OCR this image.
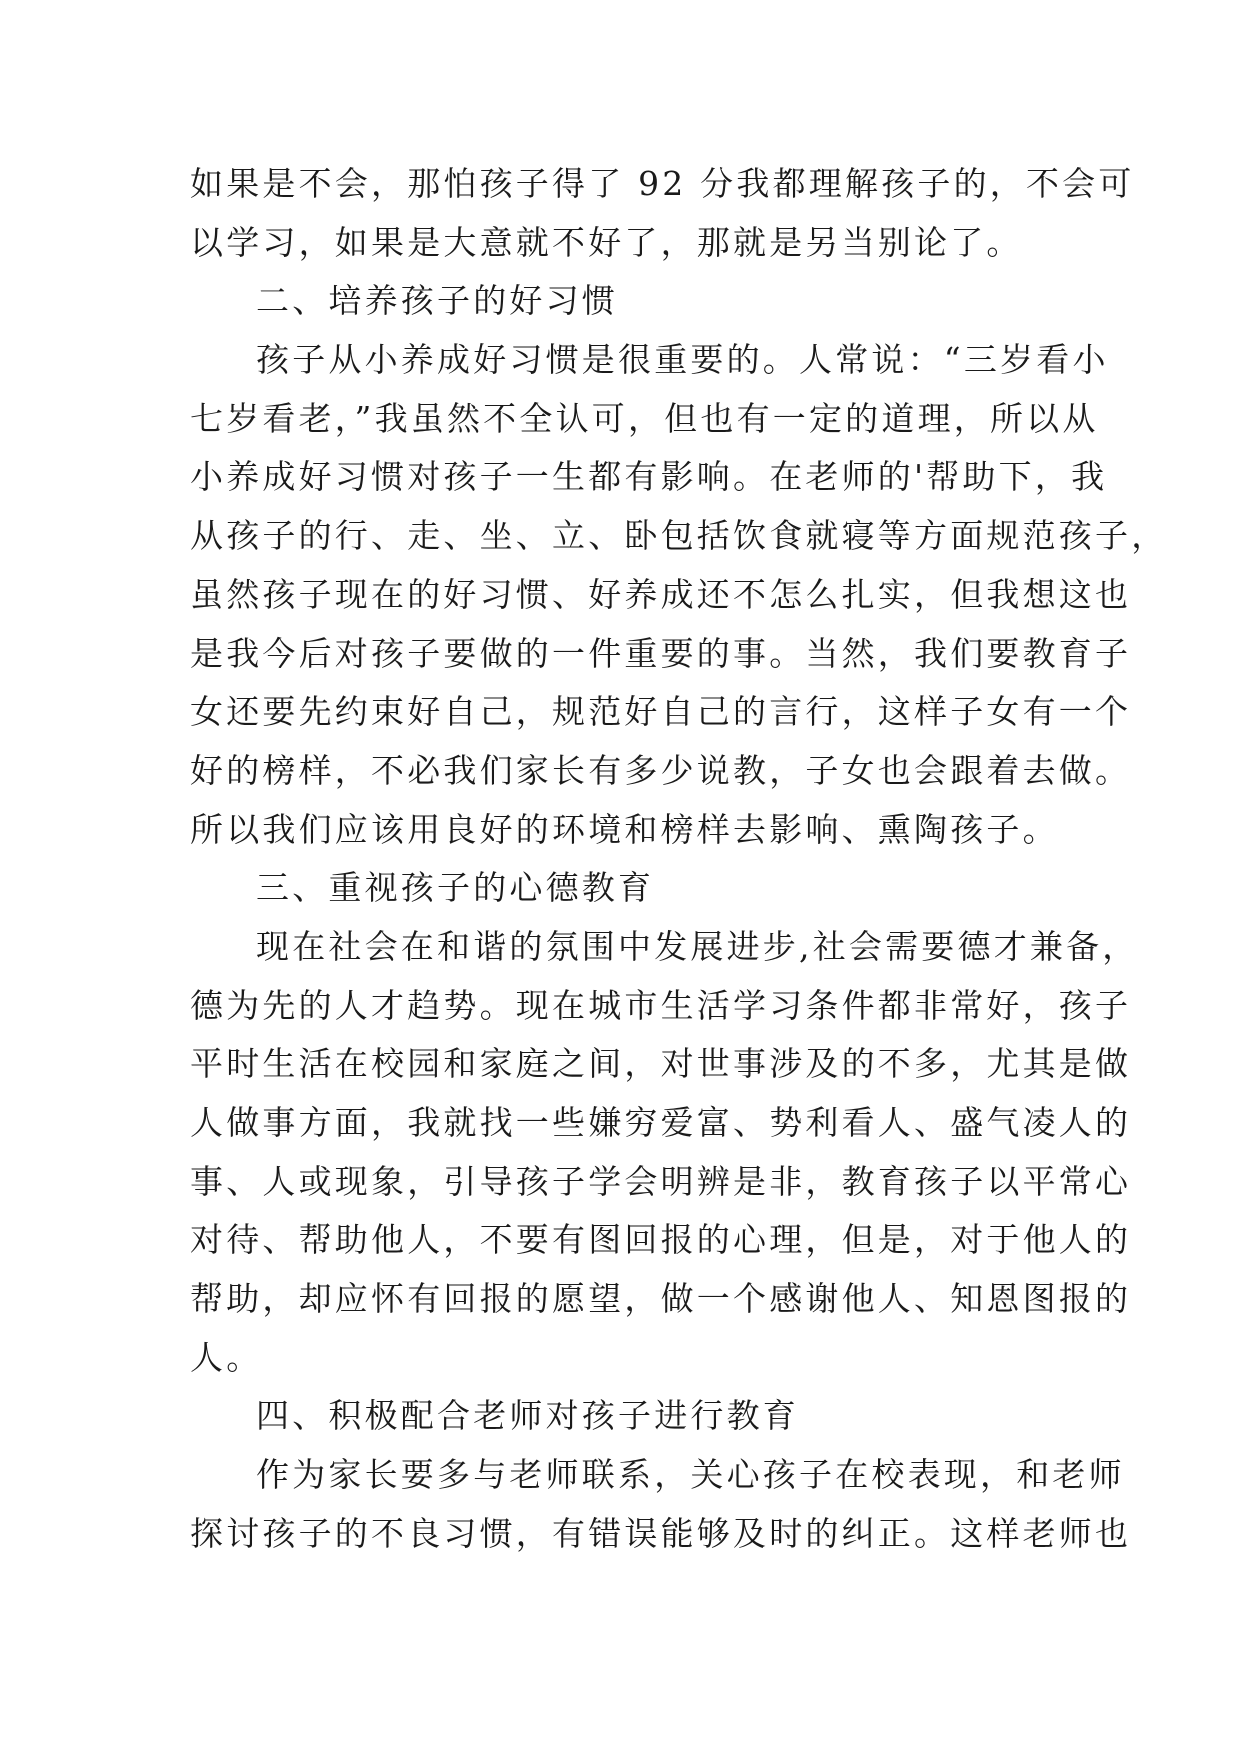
如果是不会，那怕孩子得了 92 分我都理解孩子的，不会可

以学习，如果是大意就不好了，那就是另当别论了。

二、培养孩子的好习惯

孩子从小养成好习惯是很重要的。人常说：“三岁看小

七岁看老，”我虽然不全认可，但也有一定的道理，所以从

小养成好习惯对孩子一生都有影响。在老师的'帮助下，我

从孩子的行、走、坐、立、卧包括饮食就寝等方面规范孩子，

虽然孩子现在的好习惯、好养成还不怎么扎实，但我想这也

是我今后对孩子要做的一件重要的事。当然，我们要教育子

女还要先约束好自己，规范好自己的言行，这样子女有一个

好的榜样，不必我们家长有多少说教，子女也会跟着去做。

所以我们应该用良好的环境和榜样去影响、熏陶孩子。

三、重视孩子的心德教育

现在社会在和谐的氛围中发展进步,社会需要德才兼备，

德为先的人才趋势。现在城市生活学习条件都非常好，孩子

平时生活在校园和家庭之间，对世事涉及的不多，尤其是做

人做事方面，我就找一些嫌穷爱富、势利看人、盛气凌人的

事、人或现象，引导孩子学会明辨是非，教育孩子以平常心

对待、帮助他人，不要有图回报的心理，但是，对于他人的

帮助，却应怀有回报的愿望，做一个感谢他人、知恩图报的

人。

四、积极配合老师对孩子进行教育

作为家长要多与老师联系，关心孩子在校表现，和老师

探讨孩子的不良习惯，有错误能够及时的纠正。这样老师也
